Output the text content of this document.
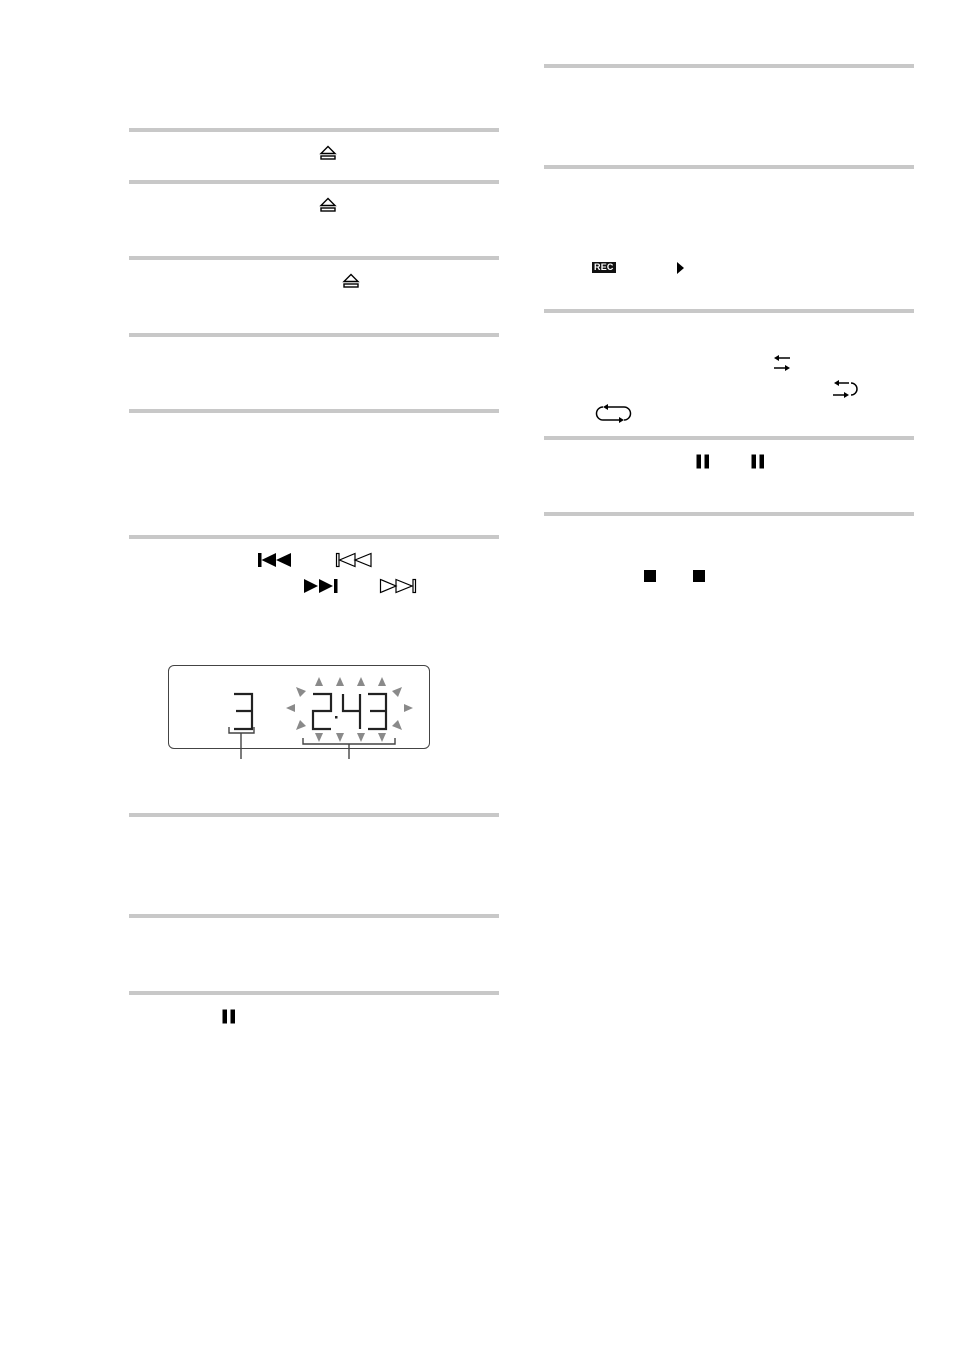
REC
